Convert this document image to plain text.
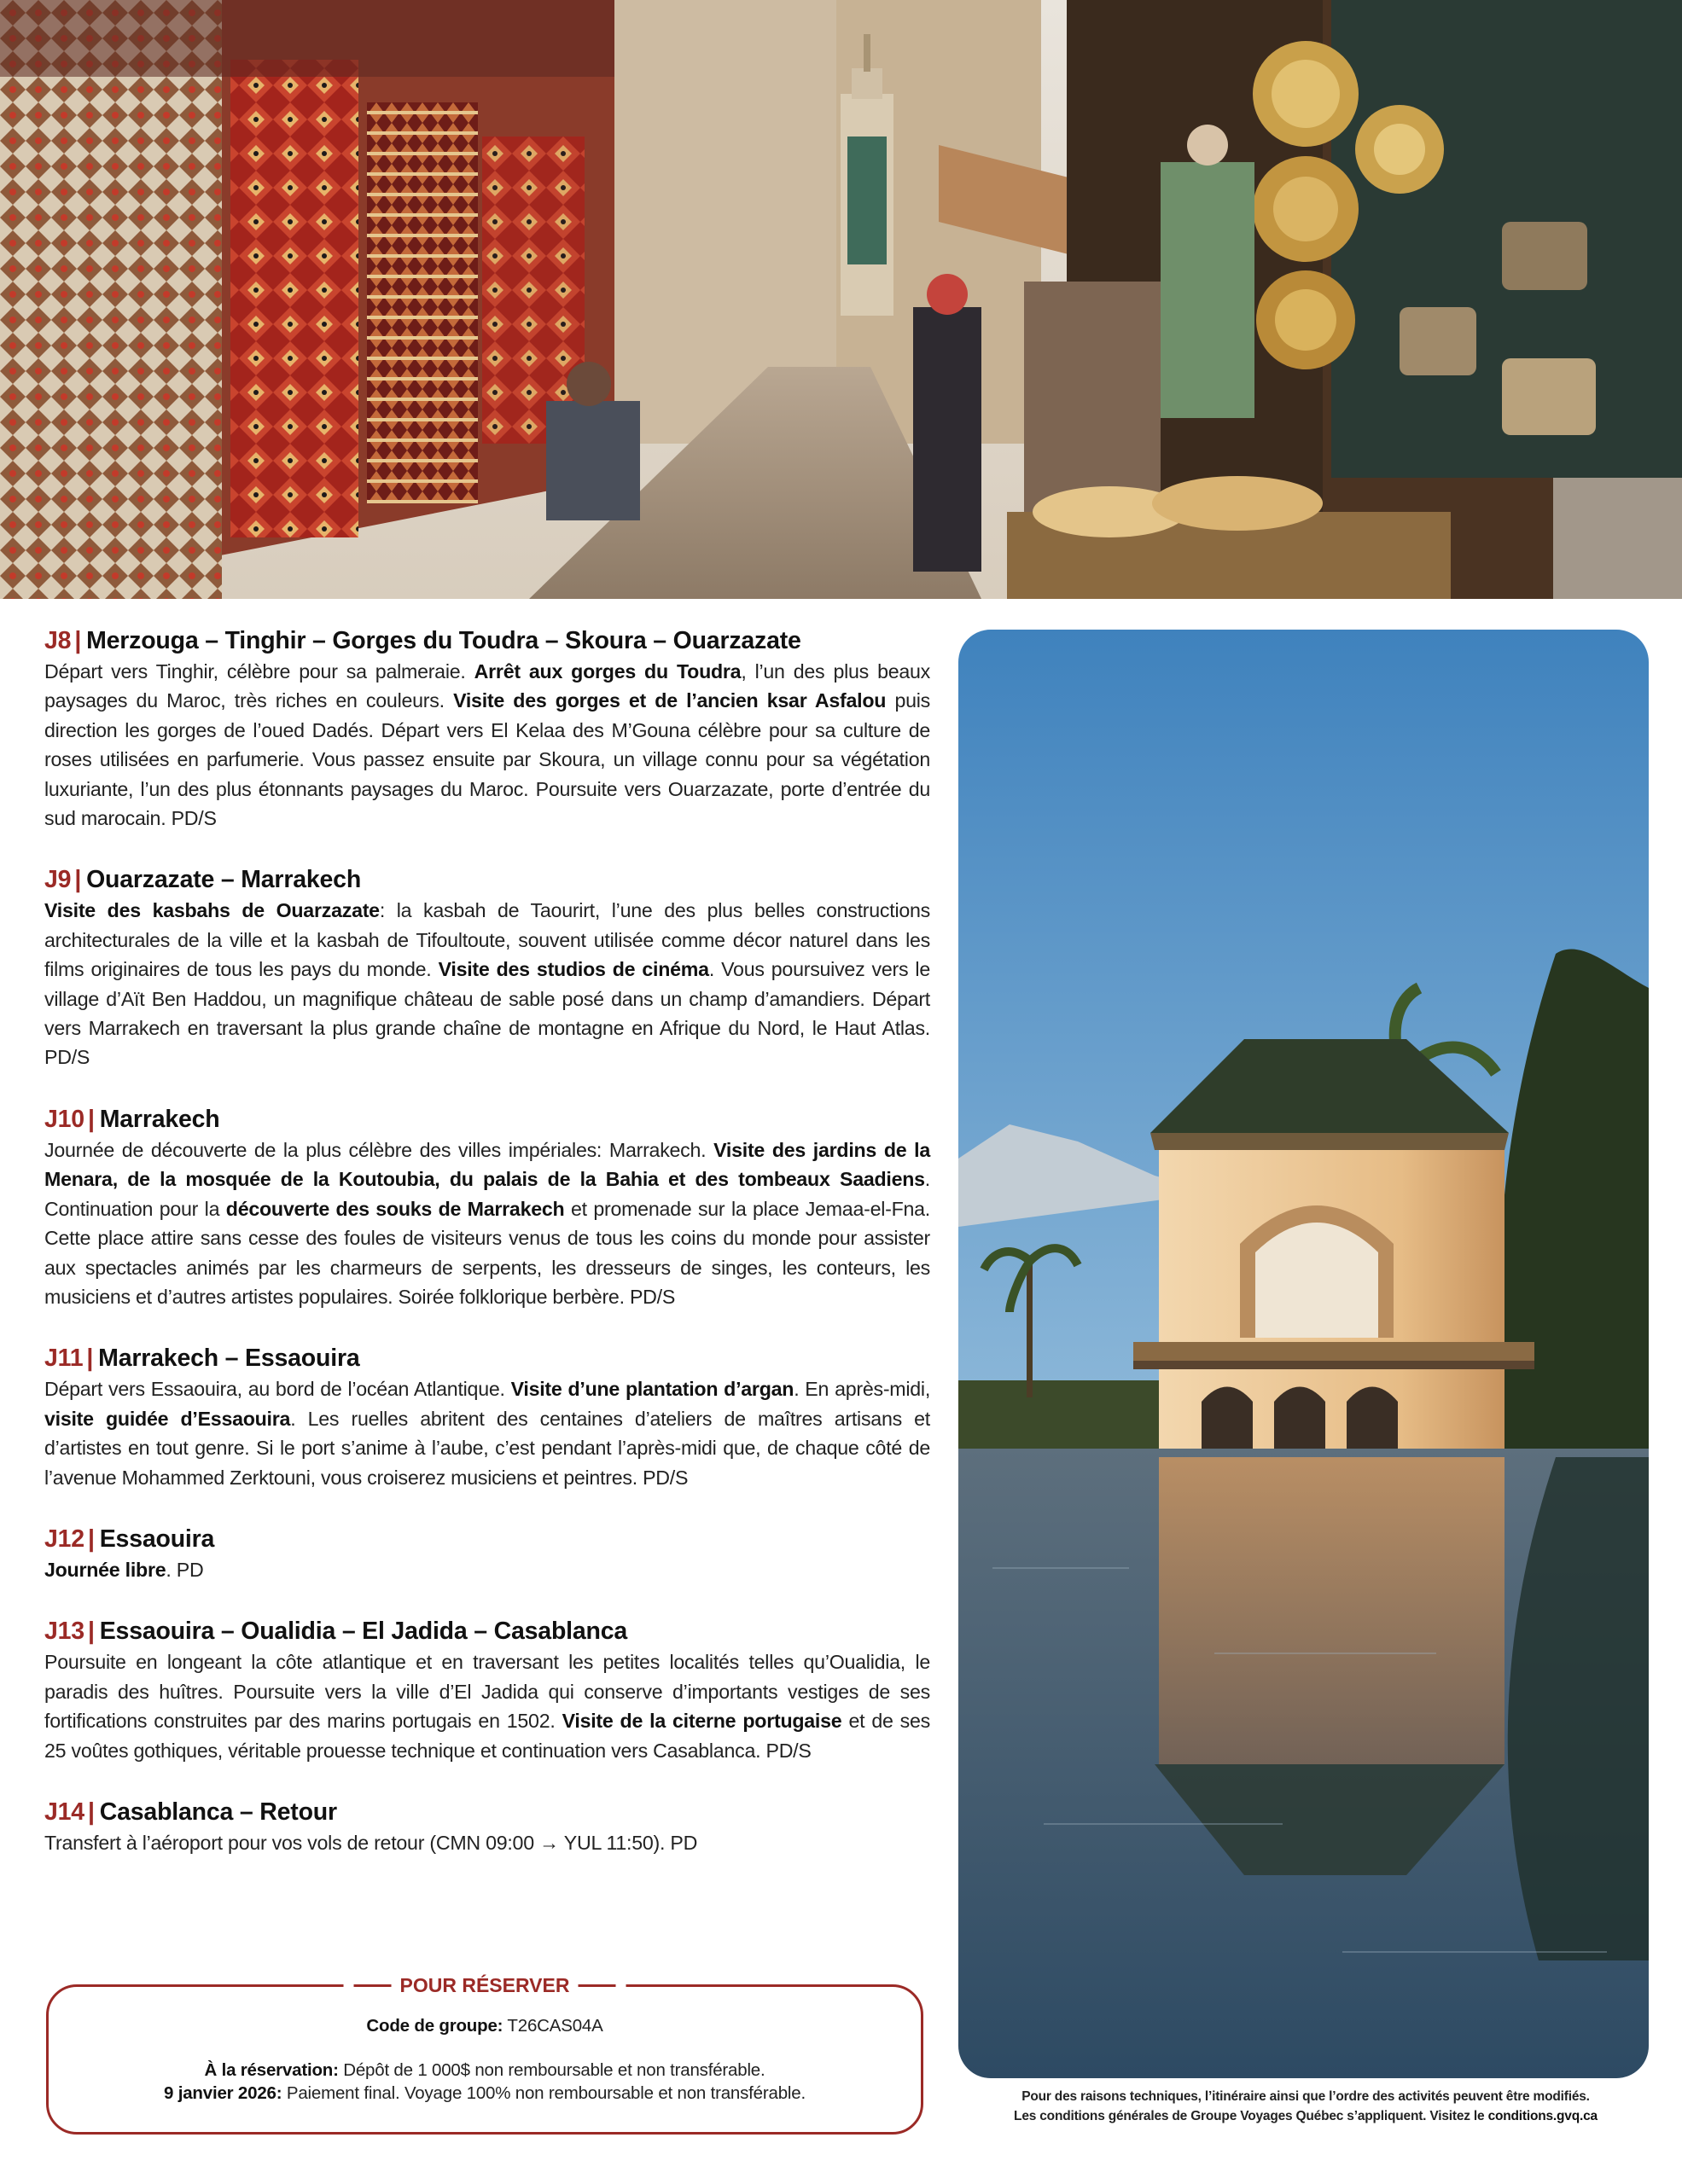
J8 | Merzouga – Tinghir – Gorges du Toudra – Skoura – Ouarzazate

Départ vers Tinghir, célèbre pour sa palmeraie. Arrêt aux gorges du Toudra, l’un des plus beaux paysages du Maroc, très riches en couleurs. Visite des gorges et de l’ancien ksar Asfalou puis direction les gorges de l’oued Dadés. Départ vers El Kelaa des M’Gouna célèbre pour sa culture de roses utilisées en parfumerie. Vous passez ensuite par Skoura, un village connu pour sa végétation luxuriante, l’un des plus étonnants paysages du Maroc. Poursuite vers Ouarzazate, porte d’entrée du sud marocain. PD/S

J9 | Ouarzazate – Marrakech

Visite des kasbahs de Ouarzazate: la kasbah de Taourirt, l’une des plus belles constructions architecturales de la ville et la kasbah de Tifoultoute, souvent utilisée comme décor naturel dans les films originaires de tous les pays du monde. Visite des studios de cinéma. Vous poursuivez vers le village d’Aït Ben Haddou, un magnifique château de sable posé dans un champ d’amandiers. Départ vers Marrakech en traversant la plus grande chaîne de montagne en Afrique du Nord, le Haut Atlas. PD/S

J10 | Marrakech

Journée de découverte de la plus célèbre des villes impériales: Marrakech. Visite des jardins de la Menara, de la mosquée de la Koutoubia, du palais de la Bahia et des tombeaux Saadiens. Continuation pour la découverte des souks de Marrakech et promenade sur la place Jemaa-el-Fna. Cette place attire sans cesse des foules de visiteurs venus de tous les coins du monde pour assister aux spectacles animés par les charmeurs de serpents, les dresseurs de singes, les conteurs, les musiciens et d’autres artistes populaires. Soirée folklorique berbère. PD/S

J11 | Marrakech – Essaouira

Départ vers Essaouira, au bord de l’océan Atlantique. Visite d’une plantation d’argan. En après-midi, visite guidée d’Essaouira. Les ruelles abritent des centaines d’ateliers de maîtres artisans et d’artistes en tout genre. Si le port s’anime à l’aube, c’est pendant l’après-midi que, de chaque côté de l’avenue Mohammed Zerktouni, vous croiserez musiciens et peintres. PD/S

J12 | Essaouira

Journée libre. PD

J13 | Essaouira – Oualidia – El Jadida – Casablanca

Poursuite en longeant la côte atlantique et en traversant les petites localités telles qu’Oualidia, le paradis des huîtres. Poursuite vers la ville d’El Jadida qui conserve d’importants vestiges de ses fortifications construites par des marins portugais en 1502. Visite de la citerne portugaise et de ses 25 voûtes gothiques, véritable prouesse technique et continuation vers Casablanca. PD/S

J14 | Casablanca – Retour

Transfert à l’aéroport pour vos vols de retour (CMN 09:00 → YUL 11:50). PD

POUR RÉSERVER

Code de groupe: T26CAS04A

À la réservation: Dépôt de 1 000$ non remboursable et non transférable.

9 janvier 2026: Paiement final. Voyage 100% non remboursable et non transférable.	Pour des raisons techniques, l’itinéraire ainsi que l’ordre des activités peuvent être modifiés.

Les conditions générales de Groupe Voyages Québec s’appliquent. Visitez le conditions.gvq.ca
